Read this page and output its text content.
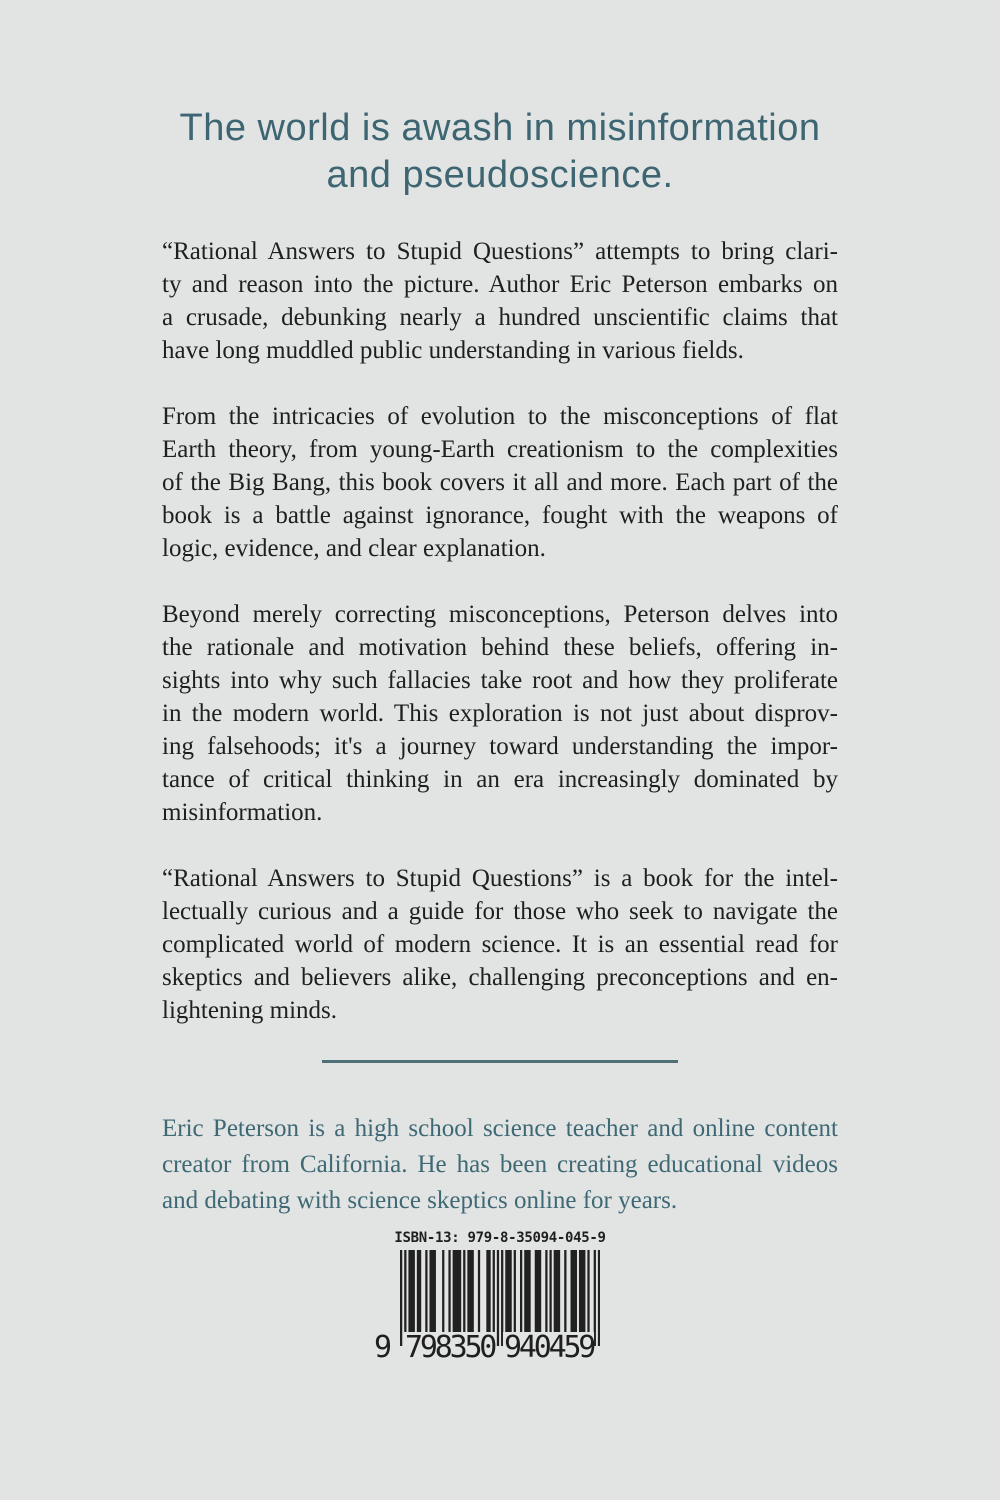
The world is awash in misinformation
and pseudoscience.
“Rational Answers to Stupid Questions” attempts to bring clari-
ty and reason into the picture. Author Eric Peterson embarks on
a crusade, debunking nearly a hundred unscientific claims that
have long muddled public understanding in various fields.
From the intricacies of evolution to the misconceptions of flat
Earth theory, from young-Earth creationism to the complexities
of the Big Bang, this book covers it all and more. Each part of the
book is a battle against ignorance, fought with the weapons of
logic, evidence, and clear explanation.
Beyond merely correcting misconceptions, Peterson delves into
the rationale and motivation behind these beliefs, offering in-
sights into why such fallacies take root and how they proliferate
in the modern world. This exploration is not just about disprov-
ing falsehoods; it's a journey toward understanding the impor-
tance of critical thinking in an era increasingly dominated by
misinformation.
“Rational Answers to Stupid Questions” is a book for the intel-
lectually curious and a guide for those who seek to navigate the
complicated world of modern science. It is an essential read for
skeptics and believers alike, challenging preconceptions and en-
lightening minds.
Eric Peterson is a high school science teacher and online content
creator from California. He has been creating educational videos
and debating with science skeptics online for years.
ISBN-13: 979-8-35094-045-9
9 798350 940459
